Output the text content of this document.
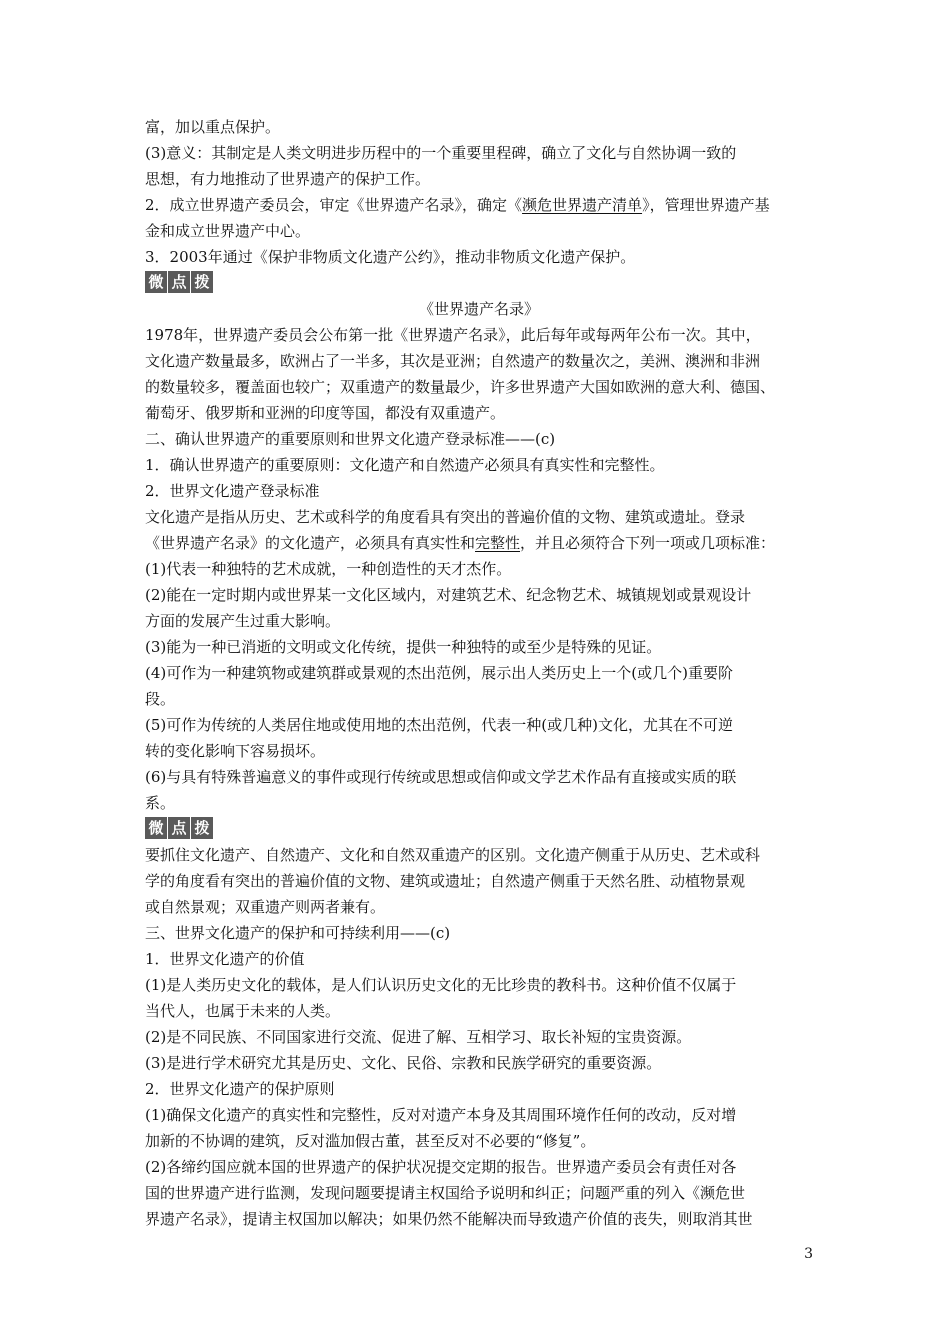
富，加以重点保护。
(3)意义：其制定是人类文明进步历程中的一个重要里程碑，确立了文化与自然协调一致的
思想，有力地推动了世界遗产的保护工作。
2．成立世界遗产委员会，审定《世界遗产名录》，确定《濒危世界遗产清单》，管理世界遗产基
金和成立世界遗产中心。
3．2003年通过《保护非物质文化遗产公约》，推动非物质文化遗产保护。
微 点 拨
《世界遗产名录》
1978年，世界遗产委员会公布第一批《世界遗产名录》，此后每年或每两年公布一次。其中，
文化遗产数量最多，欧洲占了一半多，其次是亚洲；自然遗产的数量次之，美洲、澳洲和非洲
的数量较多，覆盖面也较广；双重遗产的数量最少，许多世界遗产大国如欧洲的意大利、德国、
葡萄牙、俄罗斯和亚洲的印度等国，都没有双重遗产。
二、确认世界遗产的重要原则和世界文化遗产登录标准——(c)
1．确认世界遗产的重要原则：文化遗产和自然遗产必须具有真实性和完整性。
2．世界文化遗产登录标准
文化遗产是指从历史、艺术或科学的角度看具有突出的普遍价值的文物、建筑或遗址。登录
《世界遗产名录》的文化遗产，必须具有真实性和完整性，并且必须符合下列一项或几项标准：
(1)代表一种独特的艺术成就，一种创造性的天才杰作。
(2)能在一定时期内或世界某一文化区域内，对建筑艺术、纪念物艺术、城镇规划或景观设计
方面的发展产生过重大影响。
(3)能为一种已消逝的文明或文化传统，提供一种独特的或至少是特殊的见证。
(4)可作为一种建筑物或建筑群或景观的杰出范例，展示出人类历史上一个(或几个)重要阶
段。
(5)可作为传统的人类居住地或使用地的杰出范例，代表一种(或几种)文化，尤其在不可逆
转的变化影响下容易损坏。
(6)与具有特殊普遍意义的事件或现行传统或思想或信仰或文学艺术作品有直接或实质的联
系。
微 点 拨
要抓住文化遗产、自然遗产、文化和自然双重遗产的区别。文化遗产侧重于从历史、艺术或科
学的角度看有突出的普遍价值的文物、建筑或遗址；自然遗产侧重于天然名胜、动植物景观
或自然景观；双重遗产则两者兼有。
三、世界文化遗产的保护和可持续利用——(c)
1．世界文化遗产的价值
(1)是人类历史文化的载体，是人们认识历史文化的无比珍贵的教科书。这种价值不仅属于
当代人，也属于未来的人类。
(2)是不同民族、不同国家进行交流、促进了解、互相学习、取长补短的宝贵资源。
(3)是进行学术研究尤其是历史、文化、民俗、宗教和民族学研究的重要资源。
2．世界文化遗产的保护原则
(1)确保文化遗产的真实性和完整性，反对对遗产本身及其周围环境作任何的改动，反对增
加新的不协调的建筑，反对滥加假古董，甚至反对不必要的“修复”。
(2)各缔约国应就本国的世界遗产的保护状况提交定期的报告。世界遗产委员会有责任对各
国的世界遗产进行监测，发现问题要提请主权国给予说明和纠正；问题严重的列入《濒危世
界遗产名录》，提请主权国加以解决；如果仍然不能解决而导致遗产价值的丧失，则取消其世
3
